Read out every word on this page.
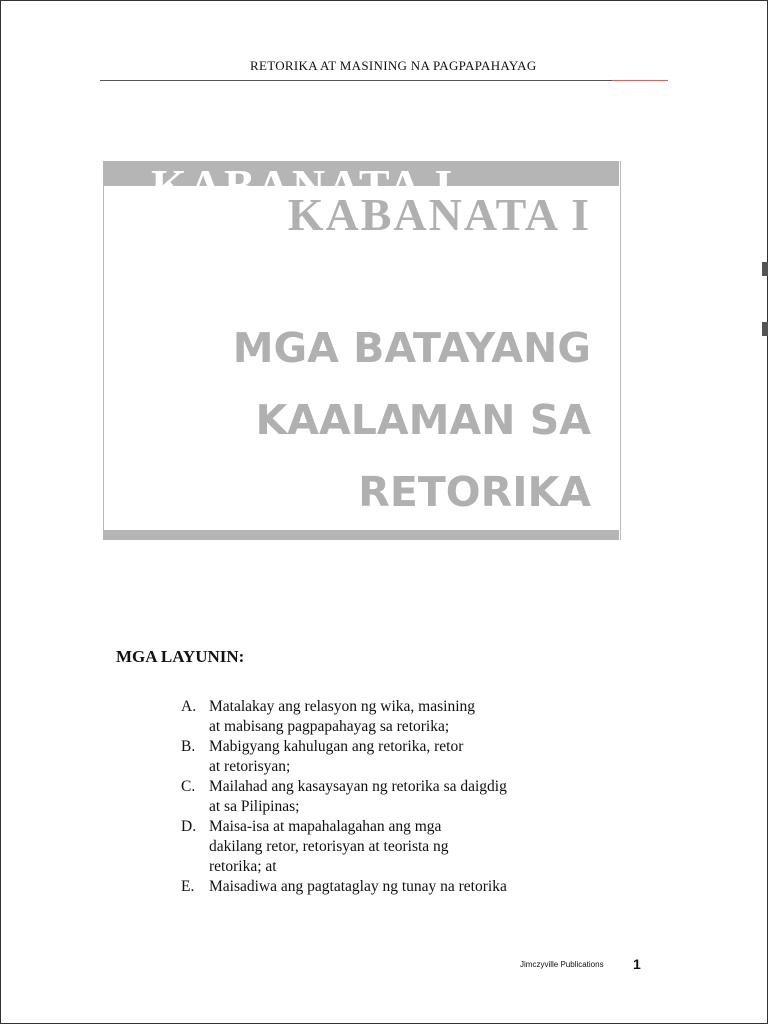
RETORIKA AT MASINING NA PAGPAPAHAYAG
KABANATA I
KABANATA I
MGA BATAYANG
KAALAMAN SA
RETORIKA
MGA LAYUNIN:
A. Matalakay ang relasyon ng wika, masining
at mabisang pagpapahayag sa retorika;
B. Mabigyang kahulugan ang retorika, retor
at retorisyan;
C. Mailahad ang kasaysayan ng retorika sa daigdig
at sa Pilipinas;
D. Maisa-isa at mapahalagahan ang mga
dakilang retor, retorisyan at teorista ng
retorika; at
E. Maisadiwa ang pagtataglay ng tunay na retorika
Jimczyville Publications 1
